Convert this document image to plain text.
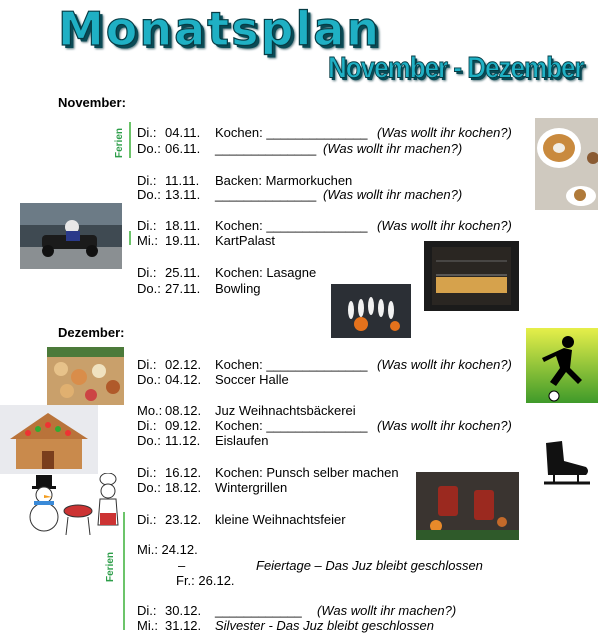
Monatsplan
November - Dezember
November:
Ferien Di.: 04.11. Kochen: ______________ (Was wollt ihr kochen?)
Do.: 06.11. ______________ (Was wollt ihr machen?)
Di.: 11.11. Backen: Marmorkuchen
Do.: 13.11. ______________ (Was wollt ihr machen?)
Di.: 18.11. Kochen: ______________ (Was wollt ihr kochen?)
Mi.: 19.11. KartPalast
Di.: 25.11. Kochen: Lasagne
Do.: 27.11. Bowling
Dezember:
Ferien
Di.: 02.12. Kochen: ______________ (Was wollt ihr kochen?)
Do.: 04.12. Soccer Halle
Mo.: 08.12. Juz Weihnachtsbäckerei
Di.: 09.12. Kochen: ______________ (Was wollt ihr kochen?)
Do.: 11.12. Eislaufen
Di.: 16.12. Kochen: Punsch selber machen
Do.: 18.12. Wintergrillen
Di.: 23.12. kleine Weihnachtsfeier
Mi.: 24.12.
–	Feiertage – Das Juz bleibt geschlossen
Fr.: 26.12.
Di.: 30.12. ____________ (Was wollt ihr machen?)
Mi.: 31.12. Silvester - Das Juz bleibt geschlossen
